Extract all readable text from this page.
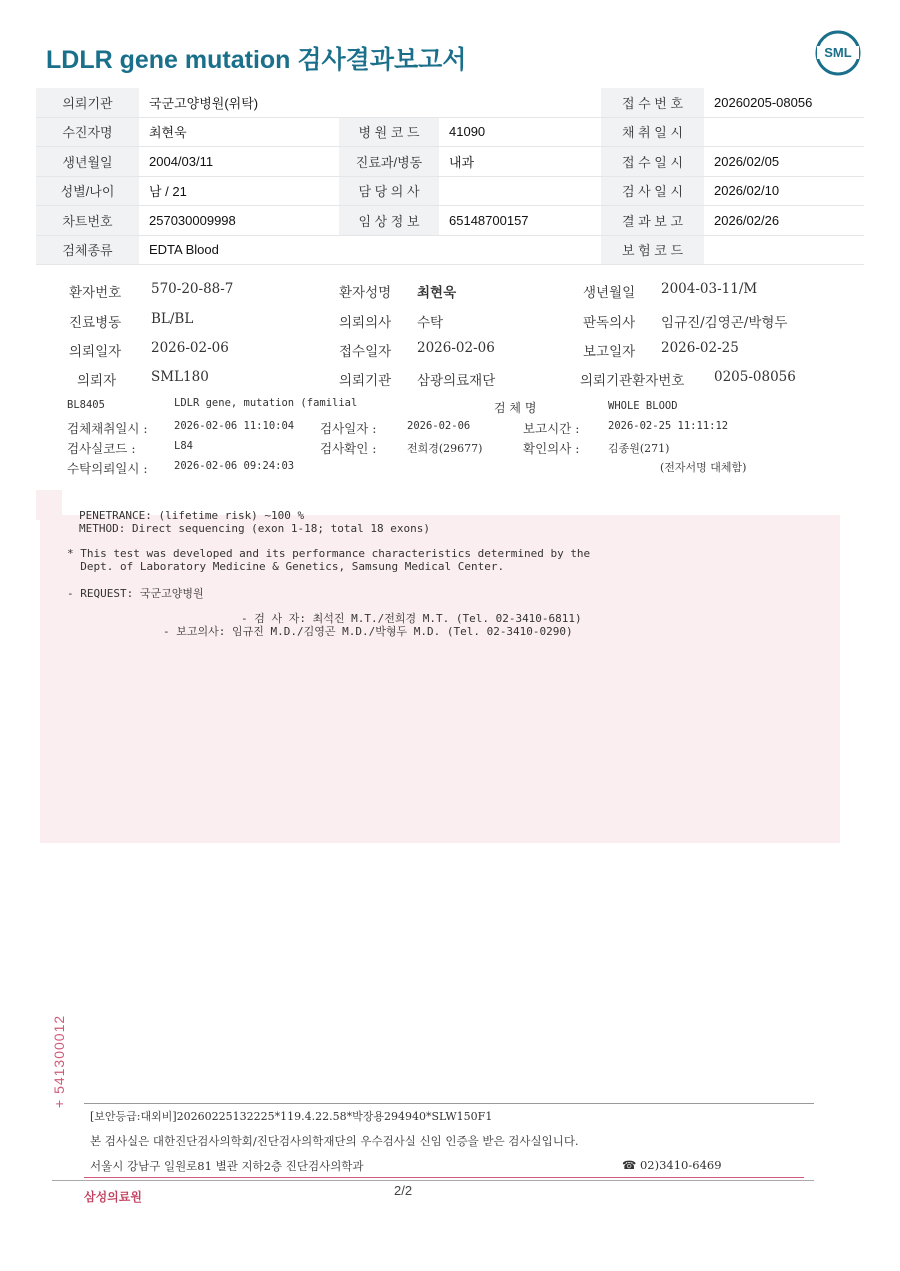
LDLR gene mutation 검사결과보고서	SML
의뢰기관	국군고양병원(위탁)			접 수 번 호	20260205-08056
수진자명	최현욱	병 원 코 드	41090	채 취 일 시	
생년월일	2004/03/11	진료과/병동	내과	접 수 일 시	2026/02/05
성별/나이	남 / 21	담 당 의 사		검 사 일 시	2026/02/10
차트번호	257030009998	임 상 정 보	65148700157	결 과 보 고	2026/02/26
검체종류	EDTA Blood			보 험 코 드	
환자번호 570-20-88-7	환자성명 최현욱	생년월일 2004-03-11/M
진료병동 BL/BL	의뢰의사 수탁	판독의사 임규진/김영곤/박형두
의뢰일자 2026-02-06	접수일자 2026-02-06	보고일자 2026-02-25
의뢰자	SML180	의뢰기관 삼광의료재단	의뢰기관환자번호 0205-08056
BL8405	LDLR gene, mutation (familial	검 체 명	WHOLE BLOOD
검체채취일시 :	2026-02-06 11:10:04 검사일자 :	2026-02-06	보고시간 :	2026-02-25 11:11:12
검사실코드 :	L84	검사확인 :	전희경(29677)	확인의사 :	김종원(271)
수탁의뢰일시 :	2026-02-06 09:24:03	(전자서명 대체함)
PENETRANCE: (lifetime risk) ~100 %
METHOD: Direct sequencing (exon 1-18; total 18 exons)
* This test was developed and its performance characteristics determined by the
Dept. of Laboratory Medicine & Genetics, Samsung Medical Center.
- REQUEST: 국군고양병원
- 검 사 자: 최석진 M.T./전희경 M.T. (Tel. 02-3410-6811)
- 보고의사: 임규진 M.D./김영곤 M.D./박형두 M.D. (Tel. 02-3410-0290)
+ 541300012
[보안등급:대외비]20260225132225*119.4.22.58*박장용294940*SLW150F1
본 검사실은 대한진단검사의학회/진단검사의학재단의 우수검사실 신임 인증을 받은 검사실입니다.
서울시 강남구 일원로81 별관 지하2층 진단검사의학과	☎ 02)3410-6469
삼성의료원	2/2
